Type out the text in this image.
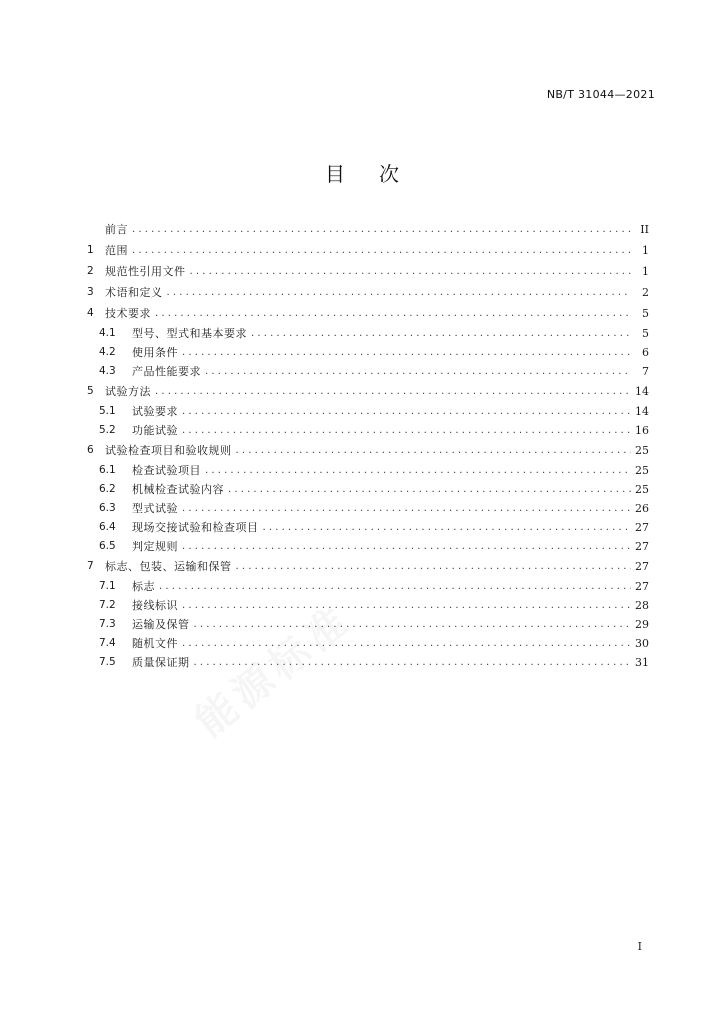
NB/T 31044—2021
目次
能源标准
前言 . . .	II
1	范围 . . .	1
2	规范性引用文件 . . .	1
3	术语和定义 . . .	2
4	技术要求 . . .	5
4.1	型号、型式和基本要求 . . .	5
4.2	使用条件 . . .	6
4.3	产品性能要求 . . .	7
5	试验方法 . . .	14
5.1	试验要求 . . .	14
5.2	功能试验 . . .	16
6	试验检查项目和验收规则 . . .	25
6.1	检查试验项目 . . .	25
6.2	机械检查试验内容 . . .	25
6.3	型式试验 . . .	26
6.4	现场交接试验和检查项目 . . .	27
6.5	判定规则 . . .	27
7	标志、包装、运输和保管 . . .	27
7.1	标志 . . .	27
7.2	接线标识 . . .	28
7.3	运输及保管 . . .	29
7.4	随机文件 . . .	30
7.5	质量保证期 . . .	31
I
